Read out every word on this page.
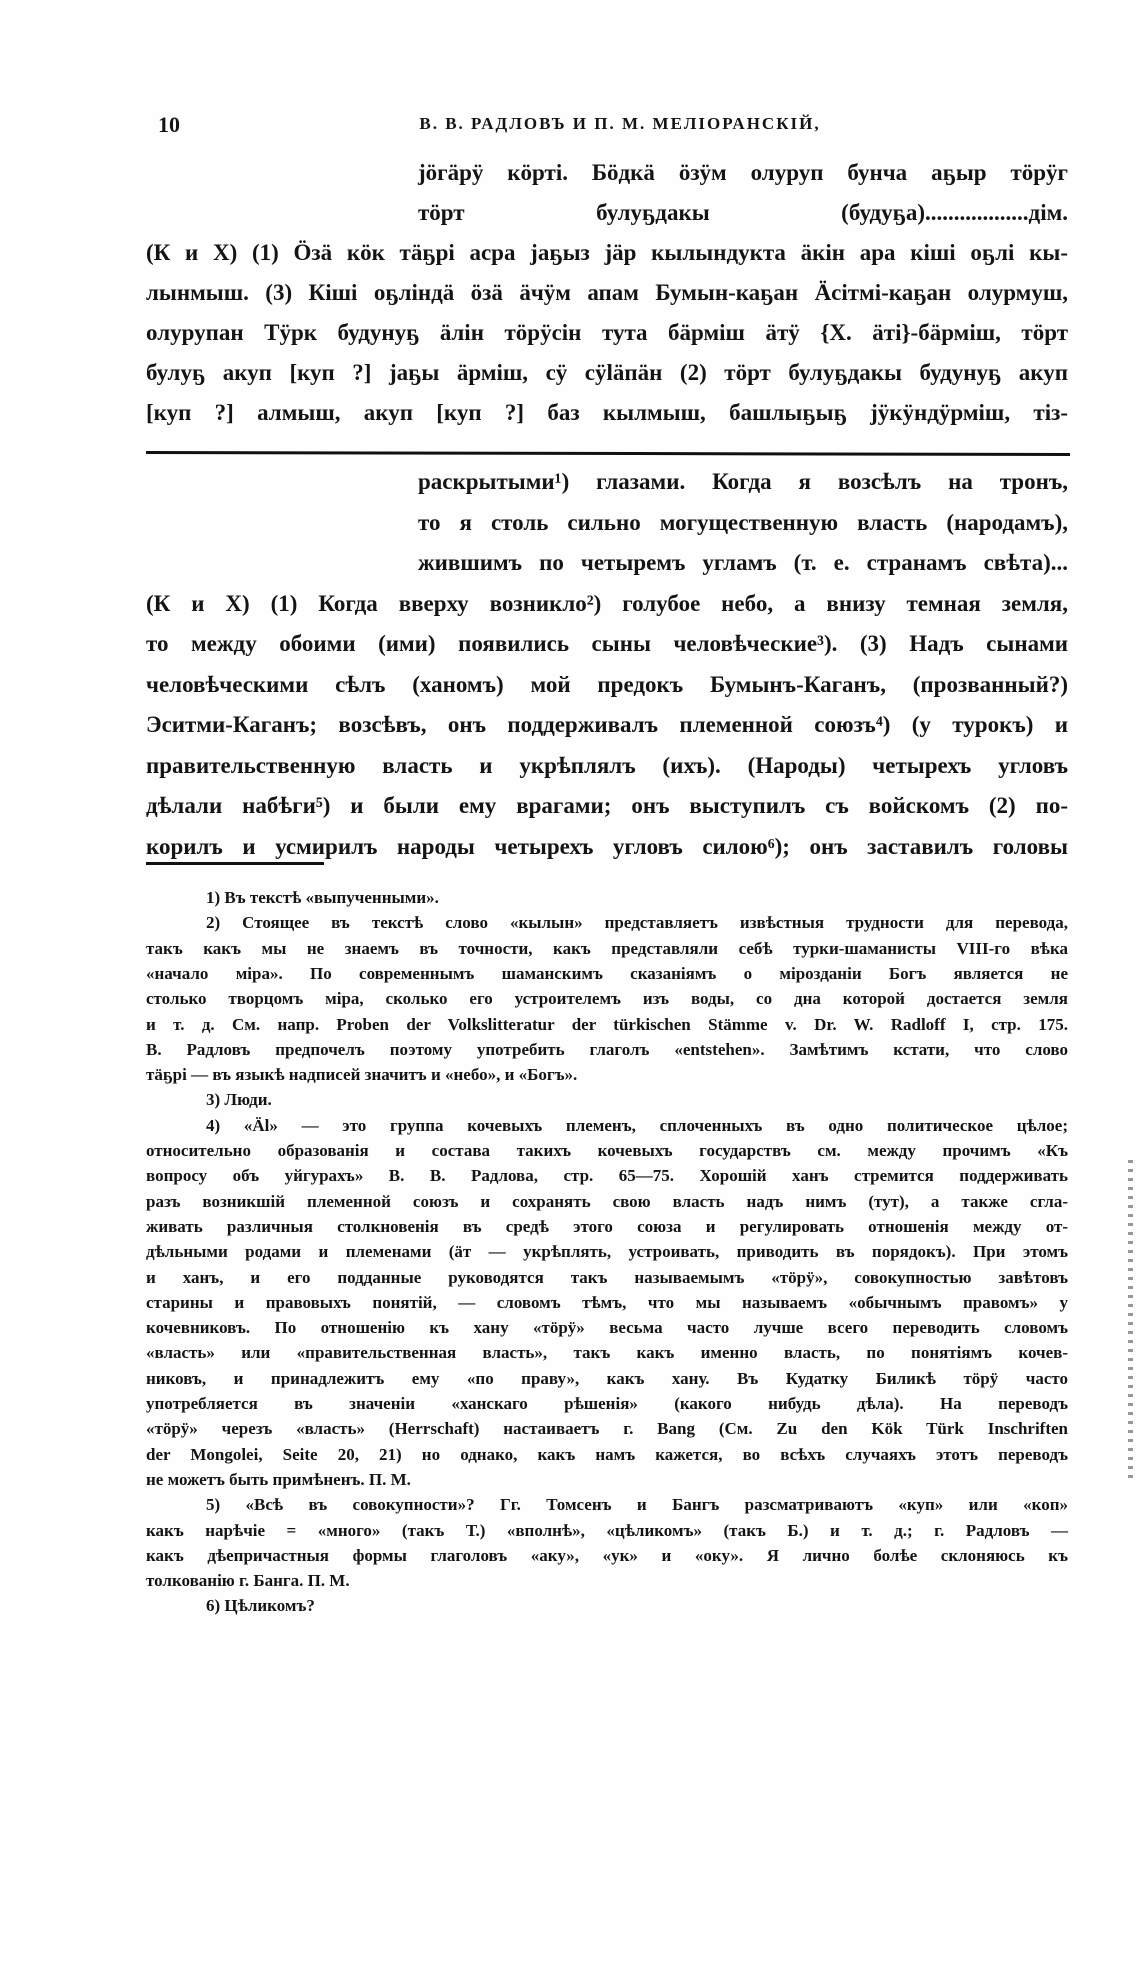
10	В. В. РАДЛОВЪ И П. М. МЕЛІОРАНСКІЙ,
jöгäрÿ кöрті. Бöдкä öзÿм олуруп бунча аҕыр тöрÿг
тöрт булуҕдакы (будуҕа)..................дім.
(К и Х) (1) Öзä кöк тäҕрі асра jаҕыз jäр кылындукта äкін ара кіші оҕлі кы-
лынмыш. (3) Кіші оҕліндä öзä äчÿм апам Бумын-каҕан Äсітмі-каҕан олурмуш,
олурупан Тÿрк будунуҕ äлін тöрÿсін тута бäрміш äтÿ {X. äті}-бäрміш, тöрт
булуҕ акуп [куп ?] jаҕы äрміш, сÿ сÿläпäн (2) тöрт булуҕдакы будунуҕ акуп
[куп ?] алмыш, акуп [куп ?] баз кылмыш, башлыҕыҕ jÿкÿндÿрміш, тіз-
раскрытыми¹) глазами. Когда я возсѣлъ на тронъ,
то я столь сильно могущественную власть (народамъ),
жившимъ по четыремъ угламъ (т. е. странамъ свѣта)...
(К и Х) (1) Когда вверху возникло²) голубое небо, а внизу темная земля,
то между обоими (ими) появились сыны человѣческие³). (3) Надъ сынами
человѣческими сѣлъ (ханомъ) мой предокъ Бумынъ-Каганъ, (прозванный?)
Эситми-Каганъ; возсѣвъ, онъ поддерживалъ племенной союзъ⁴) (у турокъ) и
правительственную власть и укрѣплялъ (ихъ). (Народы) четырехъ угловъ
дѣлали набѣги⁵) и были ему врагами; онъ выступилъ съ войскомъ (2) по-
корилъ и усмирилъ народы четырехъ угловъ силою⁶); онъ заставилъ головы
1) Въ текстѣ «выпученными».
2) Стоящее въ текстѣ слово «кылын» представляетъ извѣстныя трудности для перевода,
такъ какъ мы не знаемъ въ точности, какъ представляли себѣ турки-шаманисты VIII-го вѣка
«начало міра». По современнымъ шаманскимъ сказаніямъ о мірозданіи Богъ является не
столько творцомъ міра, сколько его устроителемъ изъ воды, со дна которой достается земля
и т. д. См. напр. Proben der Volkslitteratur der türkischen Stämme v. Dr. W. Radloff I, стр. 175.
В. Радловъ предпочелъ поэтому употребить глаголъ «entstehen». Замѣтимъ кстати, что слово
тäҕрі — въ языкѣ надписей значитъ и «небо», и «Богъ».
3) Люди.
4) «Äl» — это группа кочевыхъ племенъ, сплоченныхъ въ одно политическое цѣлое;
относительно образованія и состава такихъ кочевыхъ государствъ см. между прочимъ «Къ
вопросу объ уйгурахъ» В. В. Радлова, стр. 65—75. Хорошій ханъ стремится поддерживать
разъ возникшій племенной союзъ и сохранять свою власть надъ нимъ (тут), а также сгла-
живать различныя столкновенія въ средѣ этого союза и регулировать отношенія между от-
дѣльными родами и племенами (äт — укрѣплять, устроивать, приводить въ порядокъ). При этомъ
и ханъ, и его подданные руководятся такъ называемымъ «тöрÿ», совокупностью завѣтовъ
старины и правовыхъ понятій, — словомъ тѣмъ, что мы называемъ «обычнымъ правомъ» у
кочевниковъ. По отношенію къ хану «тöрÿ» весьма часто лучше всего переводить словомъ
«власть» или «правительственная власть», такъ какъ именно власть, по понятіямъ кочев-
никовъ, и принадлежитъ ему «по праву», какъ хану. Въ Кудатку Биликѣ тöрÿ часто
употребляется въ значеніи «ханскаго рѣшенія» (какого нибудь дѣла). На переводъ
«тöрÿ» черезъ «власть» (Herrschaft) настаиваетъ г. Bang (См. Zu den Kök Türk Inschriften
der Mongolei, Seite 20, 21) но однако, какъ намъ кажется, во всѣхъ случаяхъ этотъ переводъ
не можетъ быть примѣненъ. П. М.
5) «Всѣ въ совокупности»? Гг. Томсенъ и Бангъ разсматриваютъ «куп» или «коп»
какъ нарѣчіе = «много» (такъ Т.) «вполнѣ», «цѣликомъ» (такъ Б.) и т. д.; г. Радловъ —
какъ дѣепричастныя формы глаголовъ «аку», «ук» и «оку». Я лично болѣе склоняюсь къ
толкованію г. Банга. П. М.
6) Цѣликомъ?
